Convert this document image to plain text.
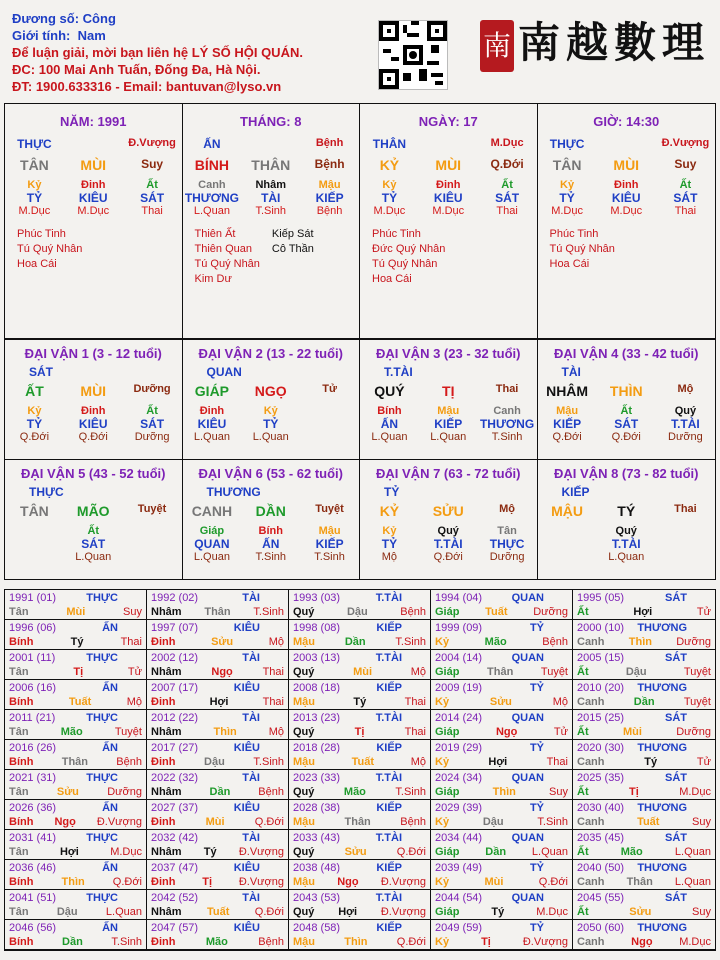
Đương số: Công
Giới tính: Nam
Để luận giải, mời bạn liên hệ LÝ SỐ HỘI QUÁN.
ĐC: 100 Mai Anh Tuấn, Đống Đa, Hà Nội.
ĐT: 1900.633316 - Email: bantuvan@lyso.vn
南 南越數理
NĂM: 1991
THỰC	Đ.Vượng
TÂN	MÙI	Suy
Kỷ	Đinh	Ất
TỶ	KIÊU	SÁT
M.Dục	M.Dục	Thai
Phúc Tinh
Tú Quý Nhân
Hoa Cái
THÁNG: 8
ẤN	Bệnh
BÍNH	THÂN	Bệnh
Canh	Nhâm	Mậu
THƯƠNG	TÀI	KIẾP
L.Quan	T.Sinh	Bệnh
Thiên Ất
Thiên Quan
Tú Quý Nhân
Kim Dư
Kiếp Sát
Cô Thần
NGÀY: 17
THÂN	M.Dục
KỶ	MÙI	Q.Đới
Kỷ	Đinh	Ất
TỶ	KIÊU	SÁT
M.Dục	M.Dục	Thai
Phúc Tinh
Đức Quý Nhân
Tú Quý Nhân
Hoa Cái
GIỜ: 14:30
THỰC	Đ.Vượng
TÂN	MÙI	Suy
Kỷ	Đinh	Ất
TỶ	KIÊU	SÁT
M.Dục	M.Dục	Thai
Phúc Tinh
Tú Quý Nhân
Hoa Cái
ĐẠI VẬN 1 (3 - 12 tuổi)
SÁT
ẤT	MÙI	Dưỡng
Kỷ	Đinh	Ất
TỶ	KIÊU	SÁT
Q.Đới	Q.Đới	Dưỡng
ĐẠI VẬN 2 (13 - 22 tuổi)
QUAN
GIÁP	NGỌ	Tử
Đinh	Kỷ
KIÊU	TỶ
L.Quan	L.Quan
ĐẠI VẬN 3 (23 - 32 tuổi)
T.TÀI
QUÝ	TỊ	Thai
Bính	Mậu	Canh
ẤN	KIẾP	THƯƠNG
L.Quan	L.Quan	T.Sinh
ĐẠI VẬN 4 (33 - 42 tuổi)
TÀI
NHÂM	THÌN	Mộ
Mậu	Ất	Quý
KIẾP	SÁT	T.TÀI
Q.Đới	Q.Đới	Dưỡng
ĐẠI VẬN 5 (43 - 52 tuổi)
THỰC
TÂN	MÃO	Tuyệt
Ất
SÁT
L.Quan
ĐẠI VẬN 6 (53 - 62 tuổi)
THƯƠNG
CANH	DẦN	Tuyệt
Giáp	Bính	Mậu
QUAN	ẤN	KIẾP
L.Quan	T.Sinh	T.Sinh
ĐẠI VẬN 7 (63 - 72 tuổi)
TỶ
KỶ	SỬU	Mộ
Kỷ	Quý	Tân
TỶ	T.TÀI	THỰC
Mộ	Q.Đới	Dưỡng
ĐẠI VẬN 8 (73 - 82 tuổi)
KIẾP
MẬU	TÝ	Thai
Quý
T.TÀI
L.Quan
1991 (01)	THỰC
Tân	Mùi	Suy
1992 (02)	TÀI
Nhâm Thân T.Sinh
1993 (03)	T.TÀI
Quý	Dậu	Bệnh
1994 (04)	QUAN
Giáp Tuất Dưỡng
1995 (05)	SÁT
Ất	Hợi	Tử
1996 (06)	ẤN
Bính	Tý	Thai
1997 (07)	KIÊU
Đinh	Sửu	Mộ
1998 (08)	KIẾP
Mậu	Dần	T.Sinh
1999 (09)	TỶ
Kỷ	Mão	Bệnh
2000 (10) THƯƠNG
Canh Thìn Dưỡng
2001 (11)	THỰC
Tân	Tị	Tử
2002 (12)	TÀI
Nhâm	Ngọ	Thai
2003 (13)	T.TÀI
Quý	Mùi	Mộ
2004 (14)	QUAN
Giáp	Thân	Tuyệt
2005 (15)	SÁT
Ất	Dậu	Tuyệt
2006 (16)	ẤN
Bính	Tuất	Mộ
2007 (17)	KIÊU
Đinh	Hợi	Thai
2008 (18)	KIẾP
Mậu	Tý	Thai
2009 (19)	TỶ
Kỷ	Sửu	Mộ
2010 (20) THƯƠNG
Canh	Dần	Tuyệt
2011 (21)	THỰC
Tân	Mão	Tuyệt
2012 (22)	TÀI
Nhâm	Thìn	Mộ
2013 (23)	T.TÀI
Quý	Tị	Thai
2014 (24)	QUAN
Giáp	Ngọ	Tử
2015 (25)	SÁT
Ất	Mùi	Dưỡng
2016 (26)	ẤN
Bính	Thân	Bệnh
2017 (27)	KIÊU
Đinh	Dậu	T.Sinh
2018 (28)	KIẾP
Mậu	Tuất	Mộ
2019 (29)	TỶ
Kỷ	Hợi	Thai
2020 (30) THƯƠNG
Canh	Tý	Tử
2021 (31)	THỰC
Tân	Sửu	Dưỡng
2022 (32)	TÀI
Nhâm	Dần	Bệnh
2023 (33)	T.TÀI
Quý	Mão	T.Sinh
2024 (34)	QUAN
Giáp	Thìn	Suy
2025 (35)	SÁT
Ất	Tị	M.Dục
2026 (36)	ẤN
Bính Ngọ Đ.Vượng
2027 (37)	KIÊU
Đinh	Mùi	Q.Đới
2028 (38)	KIẾP
Mậu	Thân	Bệnh
2029 (39)	TỶ
Kỷ	Dậu	T.Sinh
2030 (40) THƯƠNG
Canh	Tuất	Suy
2031 (41)	THỰC
Tân	Hợi	M.Dục
2032 (42)	TÀI
Nhâm Tý Đ.Vượng
2033 (43)	T.TÀI
Quý	Sửu	Q.Đới
2034 (44)	QUAN
Giáp Dần L.Quan
2035 (45)	SÁT
Ất	Mão	L.Quan
2036 (46)	ẤN
Bính	Thìn	Q.Đới
2037 (47)	KIÊU
Đinh Tị Đ.Vượng
2038 (48)	KIẾP
Mậu Ngọ Đ.Vượng
2039 (49)	TỶ
Kỷ	Mùi	Q.Đới
2040 (50) THƯƠNG
Canh Thân L.Quan
2041 (51)	THỰC
Tân	Dậu	L.Quan
2042 (52)	TÀI
Nhâm Tuất Q.Đới
2043 (53)	T.TÀI
Quý Hợi Đ.Vượng
2044 (54)	QUAN
Giáp	Tý	M.Dục
2045 (55)	SÁT
Ất	Sửu	Suy
2046 (56)	ẤN
Bính	Dần	T.Sinh
2047 (57)	KIÊU
Đinh	Mão	Bệnh
2048 (58)	KIẾP
Mậu	Thìn	Q.Đới
2049 (59)	TỶ
Kỷ	Tị	Đ.Vượng
2050 (60) THƯƠNG
Canh Ngọ M.Dục
